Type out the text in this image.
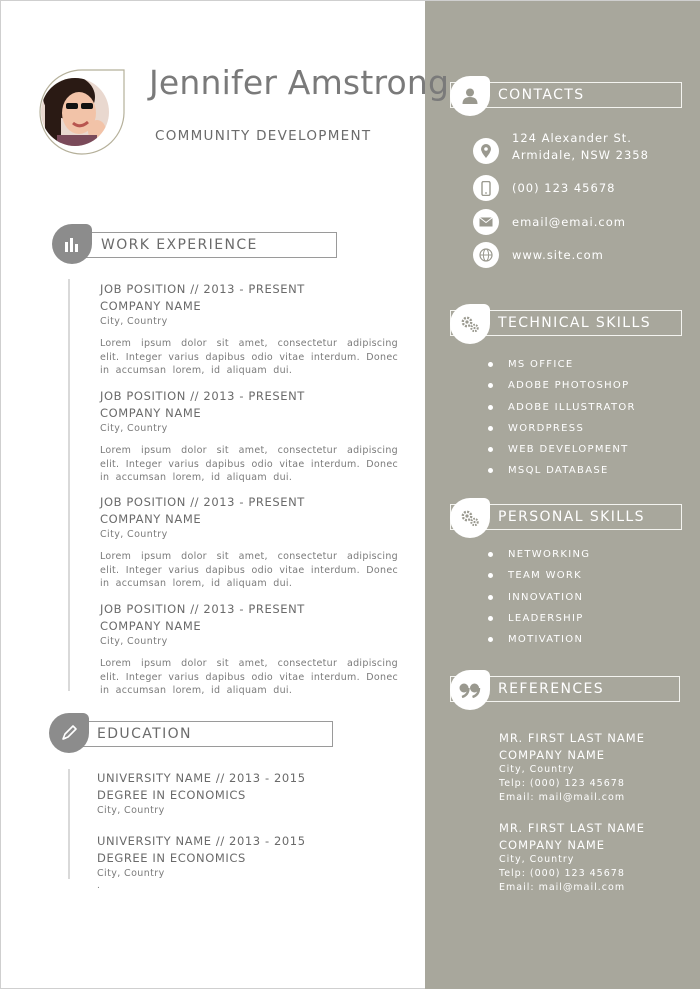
Jennifer Amstrong
COMMUNITY DEVELOPMENT
WORK EXPERIENCE
JOB POSITION // 2013 - PRESENT
COMPANY NAME
City, Country
Lorem ipsum dolor sit amet, consectetur adipiscing elit. Integer varius dapibus odio vitae interdum. Donec in accumsan lorem, id aliquam dui.
JOB POSITION // 2013 - PRESENT
COMPANY NAME
City, Country
Lorem ipsum dolor sit amet, consectetur adipiscing elit. Integer varius dapibus odio vitae interdum. Donec in accumsan lorem, id aliquam dui.
JOB POSITION // 2013 - PRESENT
COMPANY NAME
City, Country
Lorem ipsum dolor sit amet, consectetur adipiscing elit. Integer varius dapibus odio vitae interdum. Donec in accumsan lorem, id aliquam dui.
JOB POSITION // 2013 - PRESENT
COMPANY NAME
City, Country
Lorem ipsum dolor sit amet, consectetur adipiscing elit. Integer varius dapibus odio vitae interdum. Donec in accumsan lorem, id aliquam dui.
EDUCATION
UNIVERSITY NAME // 2013 - 2015
DEGREE IN ECONOMICS
City, Country
UNIVERSITY NAME // 2013 - 2015
DEGREE IN ECONOMICS
City, Country
.
CONTACTS
124 Alexander St.
Armidale, NSW 2358
(00) 123 45678
email@emai.com
www.site.com
TECHNICAL SKILLS
MS OFFICE
ADOBE PHOTOSHOP
ADOBE ILLUSTRATOR
WORDPRESS
WEB DEVELOPMENT
MSQL DATABASE
PERSONAL SKILLS
NETWORKING
TEAM WORK
INNOVATION
LEADERSHIP
MOTIVATION
REFERENCES
MR. FIRST LAST NAME
COMPANY NAME
City, Country
Telp: (000) 123 45678
Email: mail@mail.com
MR. FIRST LAST NAME
COMPANY NAME
City, Country
Telp: (000) 123 45678
Email: mail@mail.com
